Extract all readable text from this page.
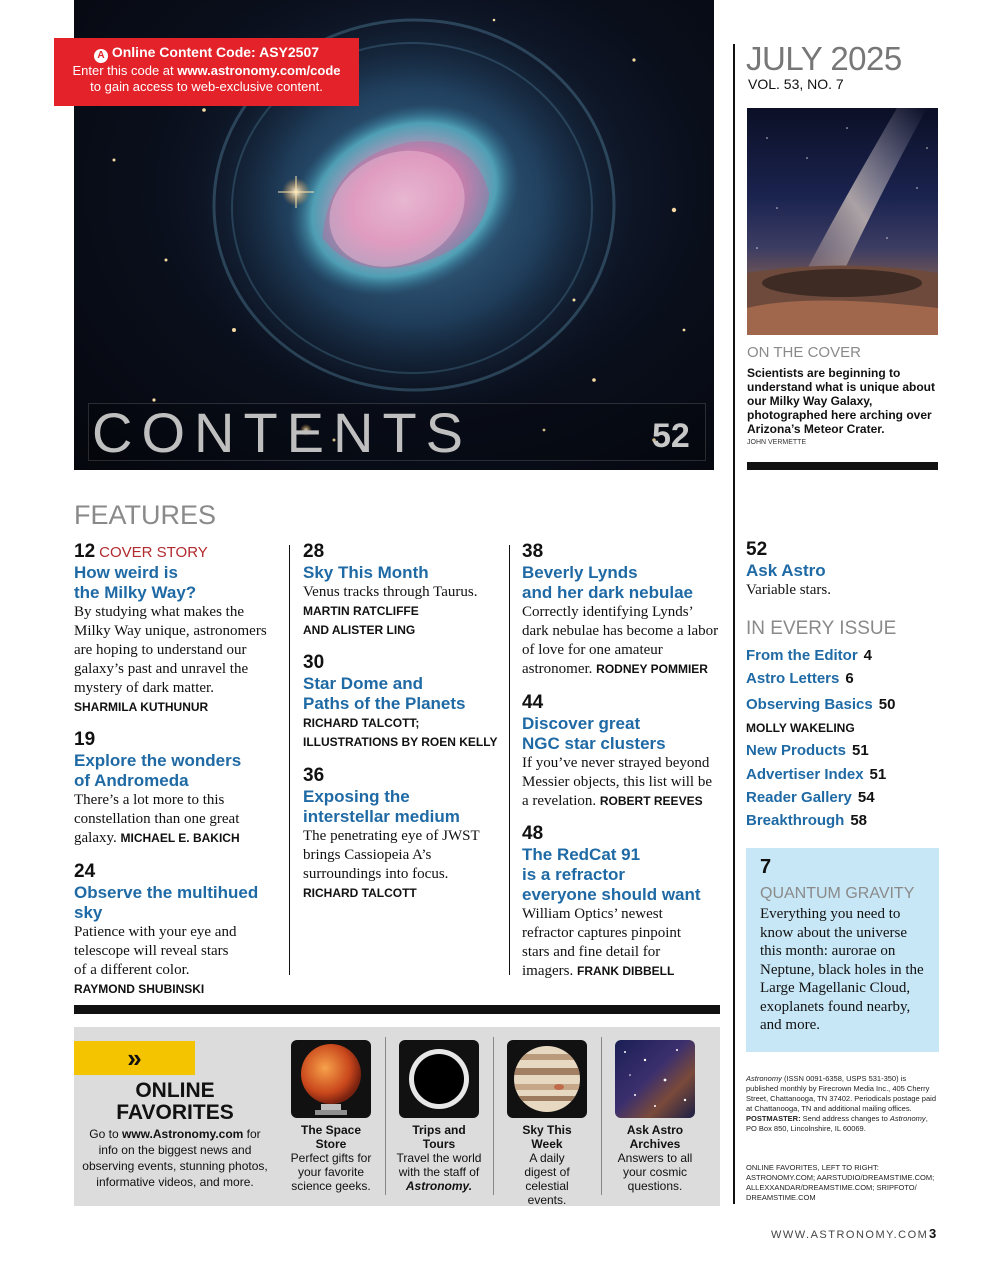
CONTENTS	52
A Online Content Code: ASY2507
Enter this code at www.astronomy.com/code
to gain access to web-exclusive content.
JULY 2025
VOL. 53, NO. 7
ON THE COVER
Scientists are beginning to understand what is unique about our Milky Way Galaxy, photographed here arching over Arizona’s Meteor Crater.
JOHN VERMETTE
FEATURES
12 COVER STORY
How weird is
the Milky Way?
By studying what makes the Milky Way unique, astronomers are hoping to understand our galaxy’s past and unravel the mystery of dark matter.
SHARMILA KUTHUNUR
19
Explore the wonders
of Andromeda
There’s a lot more to this constellation than one great galaxy. MICHAEL E. BAKICH
24
Observe the multihued sky
Patience with your eye and telescope will reveal stars of a different color.
RAYMOND SHUBINSKI
28
Sky This Month
Venus tracks through Taurus.
MARTIN RATCLIFFE
AND ALISTER LING
30
Star Dome and
Paths of the Planets
RICHARD TALCOTT;
ILLUSTRATIONS BY ROEN KELLY
36
Exposing the
interstellar medium
The penetrating eye of JWST brings Cassiopeia A’s surroundings into focus.
RICHARD TALCOTT
38
Beverly Lynds
and her dark nebulae
Correctly identifying Lynds’ dark nebulae has become a labor of love for one amateur astronomer. RODNEY POMMIER
44
Discover great
NGC star clusters
If you’ve never strayed beyond Messier objects, this list will be a revelation. ROBERT REEVES
48
The RedCat 91
is a refractor
everyone should want
William Optics’ newest refractor captures pinpoint stars and fine detail for imagers. FRANK DIBBELL
52
Ask Astro
Variable stars.
IN EVERY ISSUE
From the Editor 4
Astro Letters 6
Observing Basics 50
MOLLY WAKELING
New Products 51
Advertiser Index 51
Reader Gallery 54
Breakthrough 58
7
QUANTUM GRAVITY
Everything you need to know about the universe this month: aurorae on Neptune, black holes in the Large Magellanic Cloud, exoplanets found nearby, and more.
Astronomy (ISSN 0091-6358, USPS 531-350) is published monthly by Firecrown Media Inc., 405 Cherry Street, Chattanooga, TN 37402. Periodicals postage paid at Chattanooga, TN and additional mailing offices. POSTMASTER: Send address changes to Astronomy, PO Box 850, Lincolnshire, IL 60069.
ONLINE FAVORITES, LEFT TO RIGHT: ASTRONOMY.COM; AARSTUDIO/DREAMSTIME.COM; ALLEXXANDAR/DREAMSTIME.COM; SRIPFOTO/ DREAMSTIME.COM
»
ONLINE
FAVORITES
Go to www.Astronomy.com for info on the biggest news and observing events, stunning photos, informative videos, and more.
The Space
Store
Perfect gifts for your favorite science geeks.
Trips and
Tours
Travel the world with the staff of Astronomy.
Sky This
Week
A daily digest of celestial events.
Ask Astro
Archives
Answers to all your cosmic questions.
WWW.ASTRONOMY.COM 3
